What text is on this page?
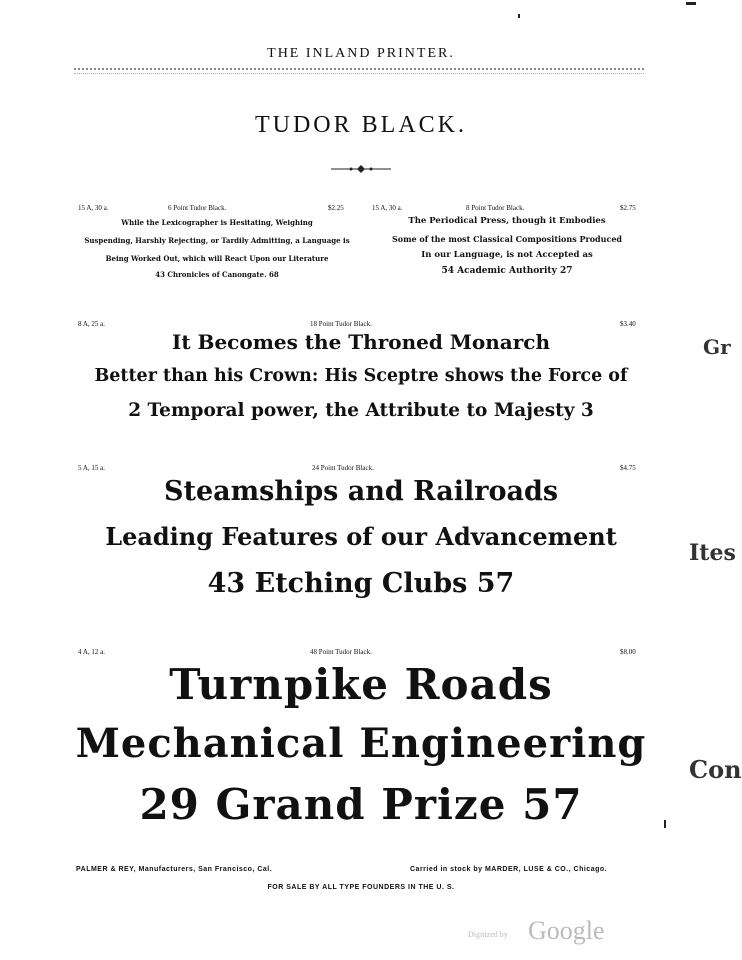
THE INLAND PRINTER.
TUDOR BLACK.
15 A, 30 a.	6 Point Tudor Black.	$2.25
While the Lexicographer is Hesitating, Weighing
Suspending, Harshly Rejecting, or Tardily Admitting, a Language is
Being Worked Out, which will React Upon our Literature
43 Chronicles of Canongate. 68
15 A, 30 a.	8 Point Tudor Black.	$2.75
The Periodical Press, though it Embodies
Some of the most Classical Compositions Produced
In our Language, is not Accepted as
54 Academic Authority 27
8 A, 25 a.	18 Point Tudor Black.	$3.40
It Becomes the Throned Monarch
Better than his Crown: His Sceptre shows the Force of
2 Temporal power, the Attribute to Majesty 3
5 A, 15 a.	24 Point Tudor Black.	$4.75
Steamships and Railroads
Leading Features of our Advancement
43 Etching Clubs 57
4 A, 12 a.	48 Point Tudor Black.	$8.00
Turnpike Roads
Mechanical Engineering
29 Grand Prize 57
PALMER & REY, Manufacturers, San Francisco, Cal.	Carried in stock by MARDER, LUSE & CO., Chicago.
FOR SALE BY ALL TYPE FOUNDERS IN THE U. S.
Digitized by Google
Gr
Ites
Con
